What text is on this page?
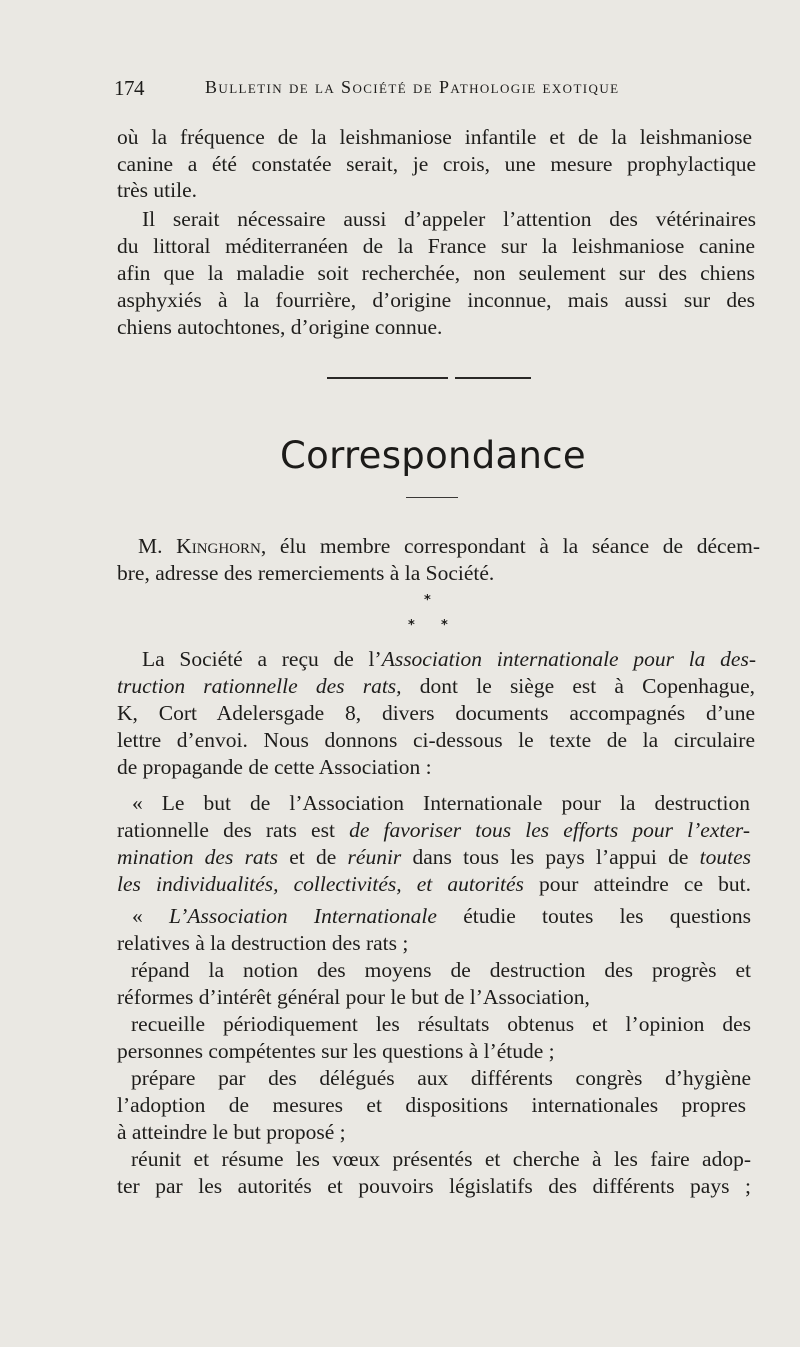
174	Bulletin de la Société de Pathologie exotique
où la fréquence de la leishmaniose infantile et de la leishmaniose
canine a été constatée serait, je crois, une mesure prophylactique
très utile.
Il serait nécessaire aussi d’appeler l’attention des vétérinaires
du littoral méditerranéen de la France sur la leishmaniose canine
afin que la maladie soit recherchée, non seulement sur des chiens
asphyxiés à la fourrière, d’origine inconnue, mais aussi sur des
chiens autochtones, d’origine connue.
Correspondance
M. Kinghorn, élu membre correspondant à la séance de décem-
bre, adresse des remerciements à la Société.
*
* *
La Société a reçu de l’Association internationale pour la des-
truction rationnelle des rats, dont le siège est à Copenhague,
K, Cort Adelersgade 8, divers documents accompagnés d’une
lettre d’envoi. Nous donnons ci-dessous le texte de la circulaire
de propagande de cette Association :
« Le but de l’Association Internationale pour la destruction
rationnelle des rats est de favoriser tous les efforts pour l’exter-
mination des rats et de réunir dans tous les pays l’appui de toutes
les individualités, collectivités, et autorités pour atteindre ce but.
« L’Association Internationale étudie toutes les questions
relatives à la destruction des rats ;
répand la notion des moyens de destruction des progrès et
réformes d’intérêt général pour le but de l’Association,
recueille périodiquement les résultats obtenus et l’opinion des
personnes compétentes sur les questions à l’étude ;
prépare par des délégués aux différents congrès d’hygiène
l’adoption de mesures et dispositions internationales propres
à atteindre le but proposé ;
réunit et résume les vœux présentés et cherche à les faire adop-
ter par les autorités et pouvoirs législatifs des différents pays ;
